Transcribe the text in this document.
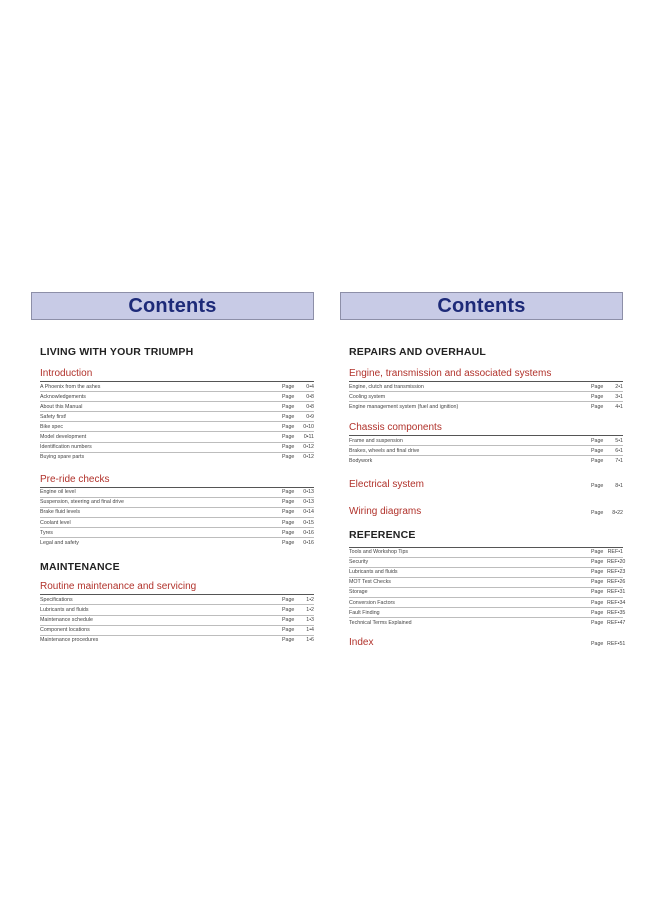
Contents
LIVING WITH YOUR TRIUMPH
Introduction
A Phoenix from the ashes	Page	0•4
Acknowledgements	Page	0•8
About this Manual	Page	0•8
Safety first!	Page	0•9
Bike spec	Page	0•10
Model development	Page	0•11
Identification numbers	Page	0•12
Buying spare parts	Page	0•12
Pre-ride checks
Engine oil level	Page	0•13
Suspension, steering and final drive	Page	0•13
Brake fluid levels	Page	0•14
Coolant level	Page	0•15
Tyres	Page	0•16
Legal and safety	Page	0•16
MAINTENANCE
Routine maintenance and servicing
Specifications	Page	1•2
Lubricants and fluids	Page	1•2
Maintenance schedule	Page	1•3
Component locations	Page	1•4
Maintenance procedures	Page	1•6
Contents
REPAIRS AND OVERHAUL
Engine, transmission and associated systems
Engine, clutch and transmission	Page	2•1
Cooling system	Page	3•1
Engine management system (fuel and ignition)	Page	4•1
Chassis components
Frame and suspension	Page	5•1
Brakes, wheels and final drive	Page	6•1
Bodywork	Page	7•1
Electrical system	Page	8•1
Wiring diagrams	Page	8•22
REFERENCE
Tools and Workshop Tips	Page REF•1
Security	Page REF•20
Lubricants and fluids	Page REF•23
MOT Test Checks	Page REF•26
Storage	Page REF•31
Conversion Factors	Page REF•34
Fault Finding	Page REF•35
Technical Terms Explained	Page REF•47
Index	Page REF•51
